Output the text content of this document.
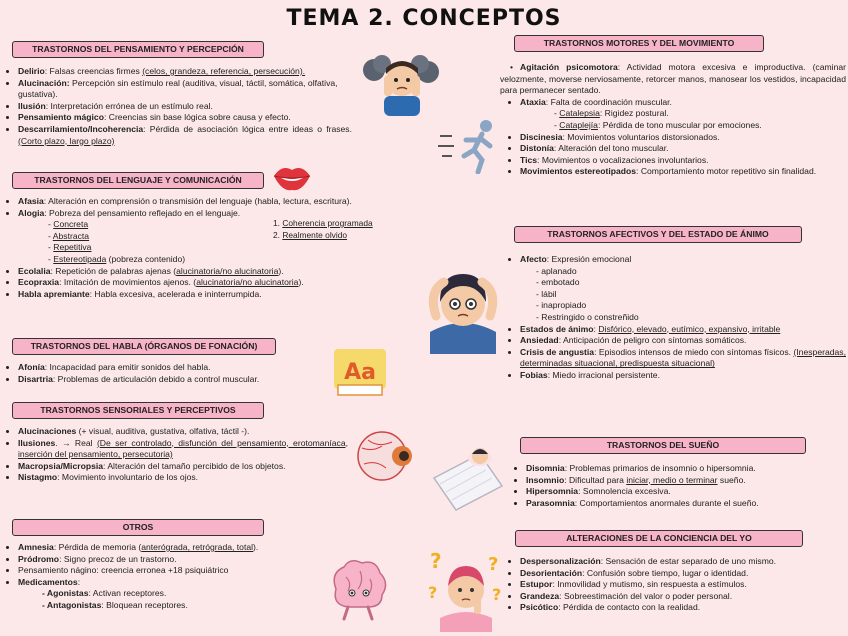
TEMA 2. CONCEPTOS
TRASTORNOS DEL PENSAMIENTO Y PERCEPCIÓN
• Delirio: Falsas creencias firmes (celos, grandeza, referencia, persecución).
• Alucinación: Percepción sin estímulo real (auditiva, visual, táctil, somática, olfativa, gustativa).
• Ilusión: Interpretación errónea de un estímulo real.
• Pensamiento mágico: Creencias sin base lógica sobre causa y efecto.
• Descarrilamiento/Incoherencia: Pérdida de asociación lógica entre ideas o frases. (Corto plazo, largo plazo)
TRASTORNOS DEL LENGUAJE Y COMUNICACIÓN
• Afasia: Alteración en comprensión o transmisión del lenguaje (habla, lectura, escritura).
• Alogia: Pobreza del pensamiento reflejado en el lenguaje.
- Concreta
- Abstracta
- Repetitiva
- Estereotipada (pobreza contenido)
• Ecolalia: Repetición de palabras ajenas (alucinatoria/no alucinatoria).
• Ecopraxia: Imitación de movimientos ajenos. (alucinatoria/no alucinatoria).
• Habla apremiante: Habla excesiva, acelerada e ininterrumpida.
1. Coherencia programada
2. Realmente olvido
TRASTORNOS DEL HABLA (ÓRGANOS DE FONACIÓN)
• Afonía: Incapacidad para emitir sonidos del habla.
• Disartria: Problemas de articulación debido a control muscular.
TRASTORNOS SENSORIALES Y PERCEPTIVOS
• Alucinaciones (+ visual, auditiva, gustativa, olfativa, táctil -).
• Ilusiones. → Real (De ser controlado, disfunción del pensamiento, erotomaníaca, inserción del pensamiento, persecutoria)
• Macropsia/Micropsia: Alteración del tamaño percibido de los objetos.
• Nistagmo: Movimiento involuntario de los ojos.
OTROS
• Amnesia: Pérdida de memoria (anterógrada, retrógrada, total).
• Pródromo: Signo precoz de un trastorno.
• Pensamiento nágino: creencia erronea +18 psiquiátrico
• Medicamentos:
- Agonistas: Activan receptores.
- Antagonistas: Bloquean receptores.
TRASTORNOS MOTORES Y DEL MOVIMIENTO
• Agitación psicomotora: Actividad motora excesiva e improductiva. (caminar velozmente, moverse nerviosamente, retorcer manos, manosear los vestidos, incapacidad para permanecer sentado.
• Ataxia: Falta de coordinación muscular.
- Catalepsia: Rigidez postural.
- Cataplejía: Pérdida de tono muscular por emociones.
• Discinesia: Movimientos voluntarios distorsionados.
• Distonía: Alteración del tono muscular.
• Tics: Movimientos o vocalizaciones involuntarios.
• Movimientos estereotipados: Comportamiento motor repetitivo sin finalidad.
TRASTORNOS AFECTIVOS Y DEL ESTADO DE ÁNIMO
• Afecto: Expresión emocional
- aplanado
- embotado
- lábil
- inapropiado
- Restringido o constreñido
• Estados de ánimo: Disfórico, elevado, eutímico, expansivo, irritable
• Ansiedad: Anticipación de peligro con síntomas somáticos.
• Crisis de angustia: Episodios intensos de miedo con síntomas físicos. (Inesperadas, determinadas situacional, predispuesta situacional)
• Fobias: Miedo irracional persistente.
TRASTORNOS DEL SUEÑO
• Disomnia: Problemas primarios de insomnio o hipersomnia.
• Insomnio: Dificultad para iniciar, medio o terminar sueño.
• Hipersomnia: Somnolencia excesiva.
• Parasomnia: Comportamientos anormales durante el sueño.
ALTERACIONES DE LA CONCIENCIA DEL YO
• Despersonalización: Sensación de estar separado de uno mismo.
• Desorientación: Confusión sobre tiempo, lugar o identidad.
• Estupor: Inmovilidad y mutismo, sin respuesta a estímulos.
• Grandeza: Sobreestimación del valor o poder personal.
• Psicótico: Pérdida de contacto con la realidad.
Aa
?	?
?	?
